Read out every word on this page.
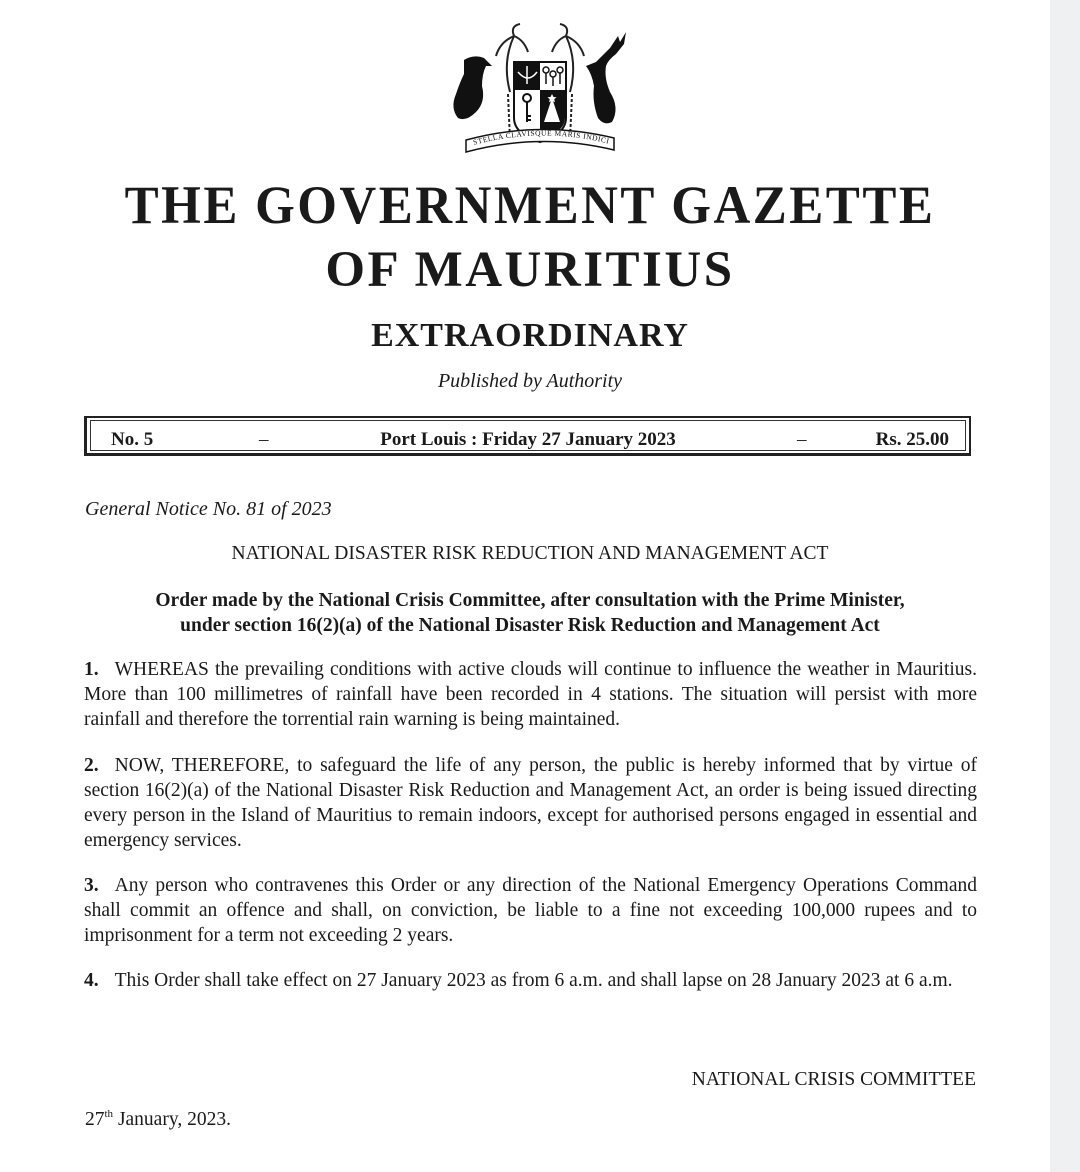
STELLA CLAVISQUE MARIS INDICI
THE GOVERNMENT GAZETTE
OF MAURITIUS
EXTRAORDINARY
Published by Authority
No. 5	–	Port Louis : Friday 27 January 2023	–	Rs. 25.00
General Notice No. 81 of 2023
NATIONAL DISASTER RISK REDUCTION AND MANAGEMENT ACT
Order made by the National Crisis Committee, after consultation with the Prime Minister,
under section 16(2)(a) of the National Disaster Risk Reduction and Management Act
1. WHEREAS the prevailing conditions with active clouds will continue to influence the weather in Mauritius. More than 100 millimetres of rainfall have been recorded in 4 stations. The situation will persist with more rainfall and therefore the torrential rain warning is being maintained.
2. NOW, THEREFORE, to safeguard the life of any person, the public is hereby informed that by virtue of section 16(2)(a) of the National Disaster Risk Reduction and Management Act, an order is being issued directing every person in the Island of Mauritius to remain indoors, except for authorised persons engaged in essential and emergency services.
3. Any person who contravenes this Order or any direction of the National Emergency Operations Command shall commit an offence and shall, on conviction, be liable to a fine not exceeding 100,000 rupees and to imprisonment for a term not exceeding 2 years.
4. This Order shall take effect on 27 January 2023 as from 6 a.m. and shall lapse on 28 January 2023 at 6 a.m.
NATIONAL CRISIS COMMITTEE
27th January, 2023.
